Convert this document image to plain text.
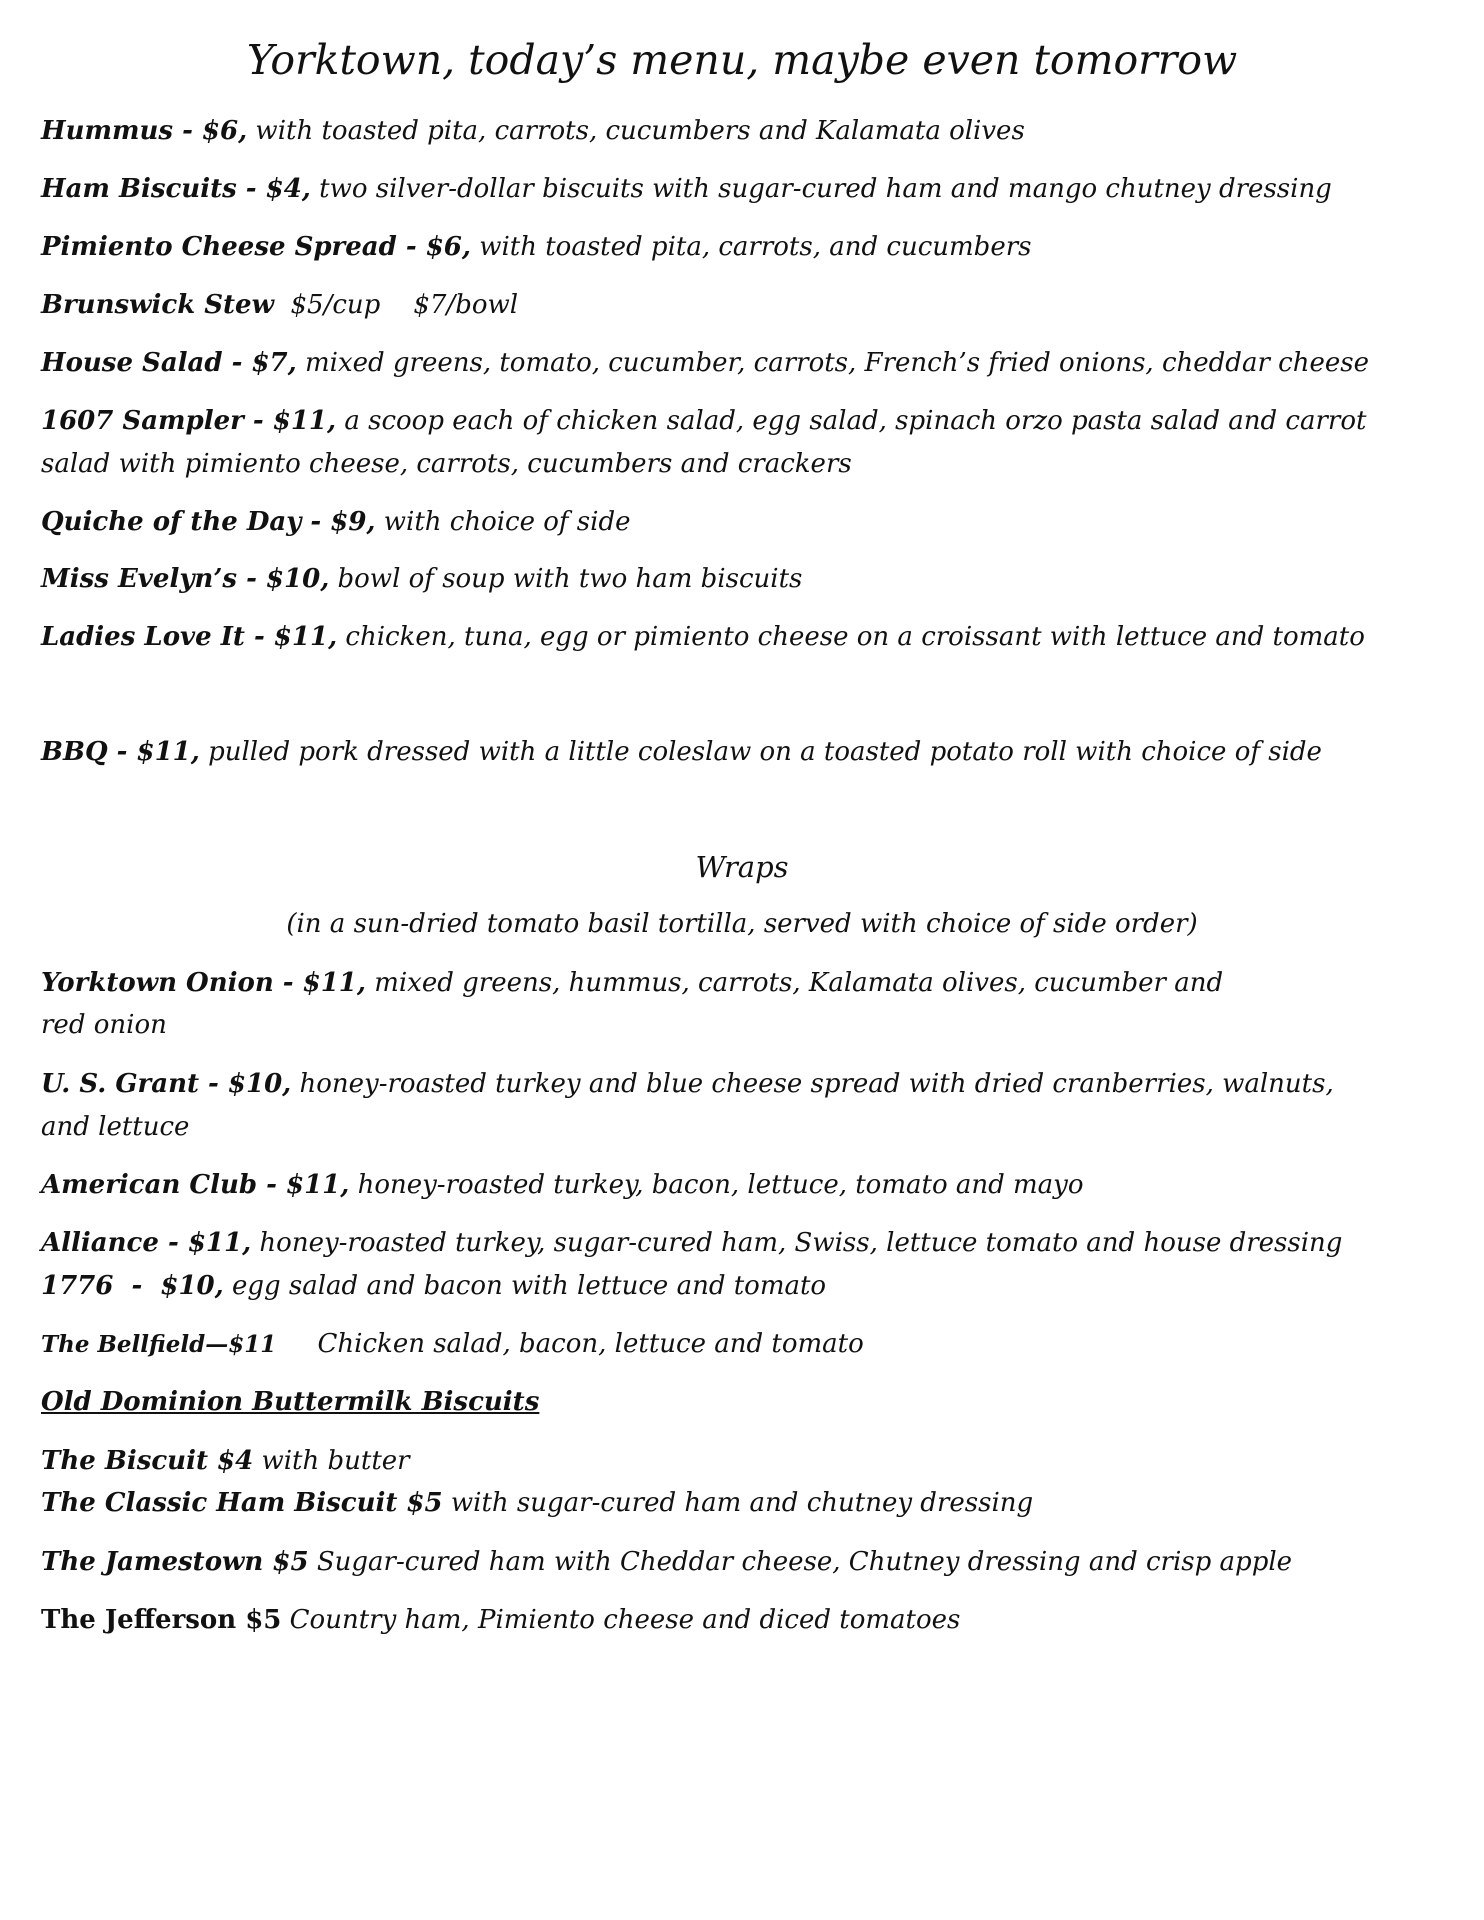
Yorktown, today’s menu, maybe even tomorrow
Hummus - $6, with toasted pita, carrots, cucumbers and Kalamata olives
Ham Biscuits - $4, two silver-dollar biscuits with sugar-cured ham and mango chutney dressing
Pimiento Cheese Spread - $6, with toasted pita, carrots, and cucumbers
Brunswick Stew  $5/cup    $7/bowl
House Salad - $7, mixed greens, tomato, cucumber, carrots, French’s fried onions, cheddar cheese
1607 Sampler - $11, a scoop each of chicken salad, egg salad, spinach orzo pasta salad and carrot
salad with pimiento cheese, carrots, cucumbers and crackers
Quiche of the Day - $9, with choice of side
Miss Evelyn’s - $10, bowl of soup with two ham biscuits
Ladies Love It - $11, chicken, tuna, egg or pimiento cheese on a croissant with lettuce and tomato
BBQ - $11, pulled pork dressed with a little coleslaw on a toasted potato roll with choice of side
Wraps
(in a sun-dried tomato basil tortilla, served with choice of side order)
Yorktown Onion - $11, mixed greens, hummus, carrots, Kalamata olives, cucumber and
red onion
U. S. Grant - $10, honey-roasted turkey and blue cheese spread with dried cranberries, walnuts,
and lettuce
American Club - $11, honey-roasted turkey, bacon, lettuce, tomato and mayo
Alliance - $11, honey-roasted turkey, sugar-cured ham, Swiss, lettuce tomato and house dressing
1776  -  $10, egg salad and bacon with lettuce and tomato
The Bellfield—$11     Chicken salad, bacon, lettuce and tomato
Old Dominion Buttermilk Biscuits
The Biscuit $4 with butter
The Classic Ham Biscuit $5 with sugar-cured ham and chutney dressing
The Jamestown $5 Sugar-cured ham with Cheddar cheese, Chutney dressing and crisp apple
The Jefferson $5 Country ham, Pimiento cheese and diced tomatoes
